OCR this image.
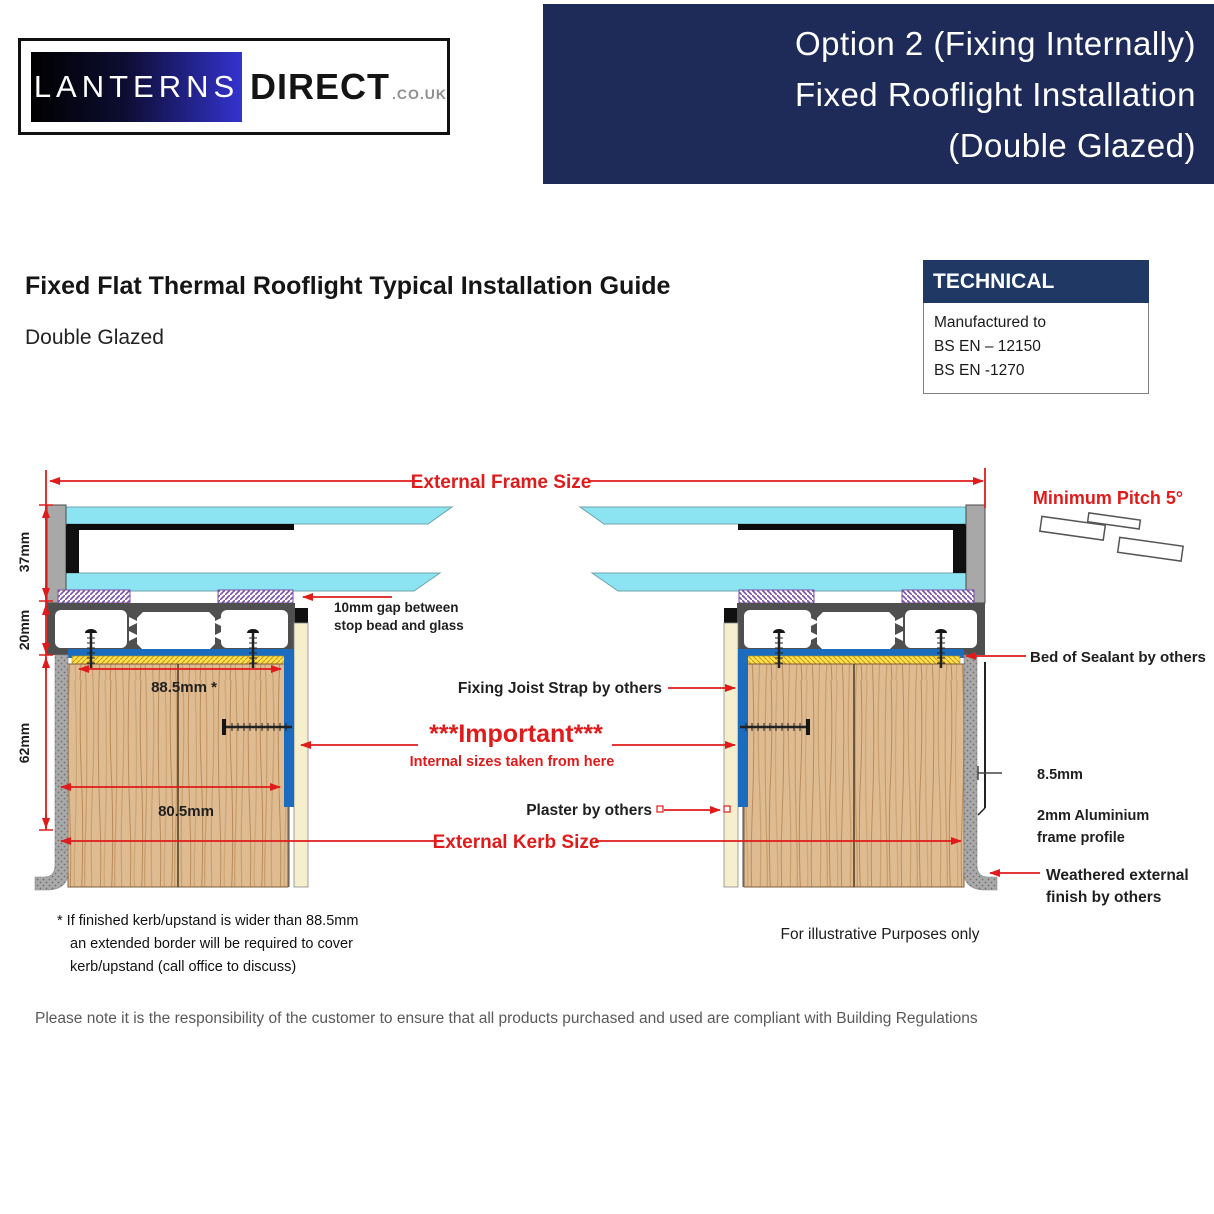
Option 2 (Fixing Internally)
Fixed Rooflight Installation
(Double Glazed)
LANTERNS DIRECT .CO.UK
Fixed Flat Thermal Rooflight Typical Installation Guide
Double Glazed
TECHNICAL
Manufactured to
BS EN – 12150
BS EN -1270
External Frame Size
37mm
20mm
62mm
88.5mm *
80.5mm
10mm gap between
stop bead and glass
Fixing Joist Strap by others
***Important***
Internal sizes taken from here
Plaster by others
External Kerb Size
Bed of Sealant by others
8.5mm
2mm Aluminium
frame profile
Weathered external
finish by others
Minimum Pitch 5°
* If finished kerb/upstand is wider than 88.5mm
an extended border will be required to cover
kerb/upstand (call office to discuss)
For illustrative Purposes only
Please note it is the responsibility of the customer to ensure that all products purchased and used are compliant with Building Regulations
